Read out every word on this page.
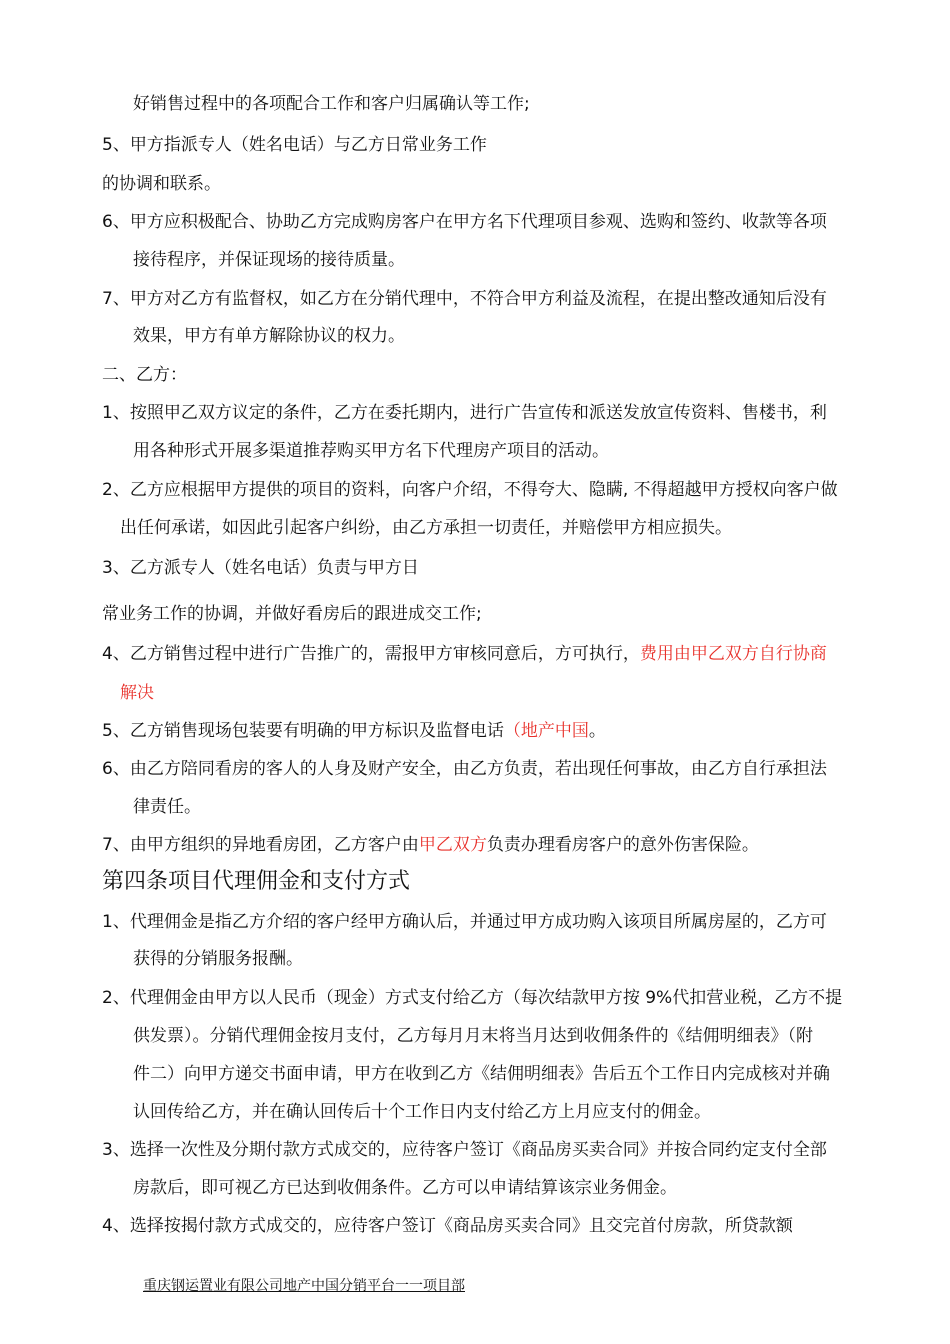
好销售过程中的各项配合工作和客户归属确认等工作;
5、甲方指派专人（姓名电话）与乙方日常业务工作
的协调和联系。
6、甲方应积极配合、协助乙方完成购房客户在甲方名下代理项目参观、选购和签约、收款等各项
接待程序，并保证现场的接待质量。
7、甲方对乙方有监督权，如乙方在分销代理中，不符合甲方利益及流程，在提出整改通知后没有
效果，甲方有单方解除协议的权力。
二、乙方：
1、按照甲乙双方议定的条件，乙方在委托期内，进行广告宣传和派送发放宣传资料、售楼书，利
用各种形式开展多渠道推荐购买甲方名下代理房产项目的活动。
2、乙方应根据甲方提供的项目的资料，向客户介绍，不得夸大、隐瞒, 不得超越甲方授权向客户做
出任何承诺，如因此引起客户纠纷，由乙方承担一切责任，并赔偿甲方相应损失。
3、乙方派专人（姓名电话）负责与甲方日
常业务工作的协调，并做好看房后的跟进成交工作;
4、乙方销售过程中进行广告推广的，需报甲方审核同意后，方可执行，费用由甲乙双方自行协商
解决
5、乙方销售现场包装要有明确的甲方标识及监督电话（地产中国。
6、由乙方陪同看房的客人的人身及财产安全，由乙方负责，若出现任何事故，由乙方自行承担法
律责任。
7、由甲方组织的异地看房团，乙方客户由甲乙双方负责办理看房客户的意外伤害保险。
第四条项目代理佣金和支付方式
1、代理佣金是指乙方介绍的客户经甲方确认后，并通过甲方成功购入该项目所属房屋的，乙方可
获得的分销服务报酬。
2、代理佣金由甲方以人民币（现金）方式支付给乙方（每次结款甲方按 9%代扣营业税，乙方不提
供发票）。分销代理佣金按月支付，乙方每月月末将当月达到收佣条件的《结佣明细表》（附
件二）向甲方递交书面申请，甲方在收到乙方《结佣明细表》告后五个工作日内完成核对并确
认回传给乙方，并在确认回传后十个工作日内支付给乙方上月应支付的佣金。
3、选择一次性及分期付款方式成交的，应待客户签订《商品房买卖合同》并按合同约定支付全部
房款后，即可视乙方已达到收佣条件。乙方可以申请结算该宗业务佣金。
4、选择按揭付款方式成交的，应待客户签订《商品房买卖合同》且交完首付房款，所贷款额
重庆钢运置业有限公司地产中国分销平台一一项目部
